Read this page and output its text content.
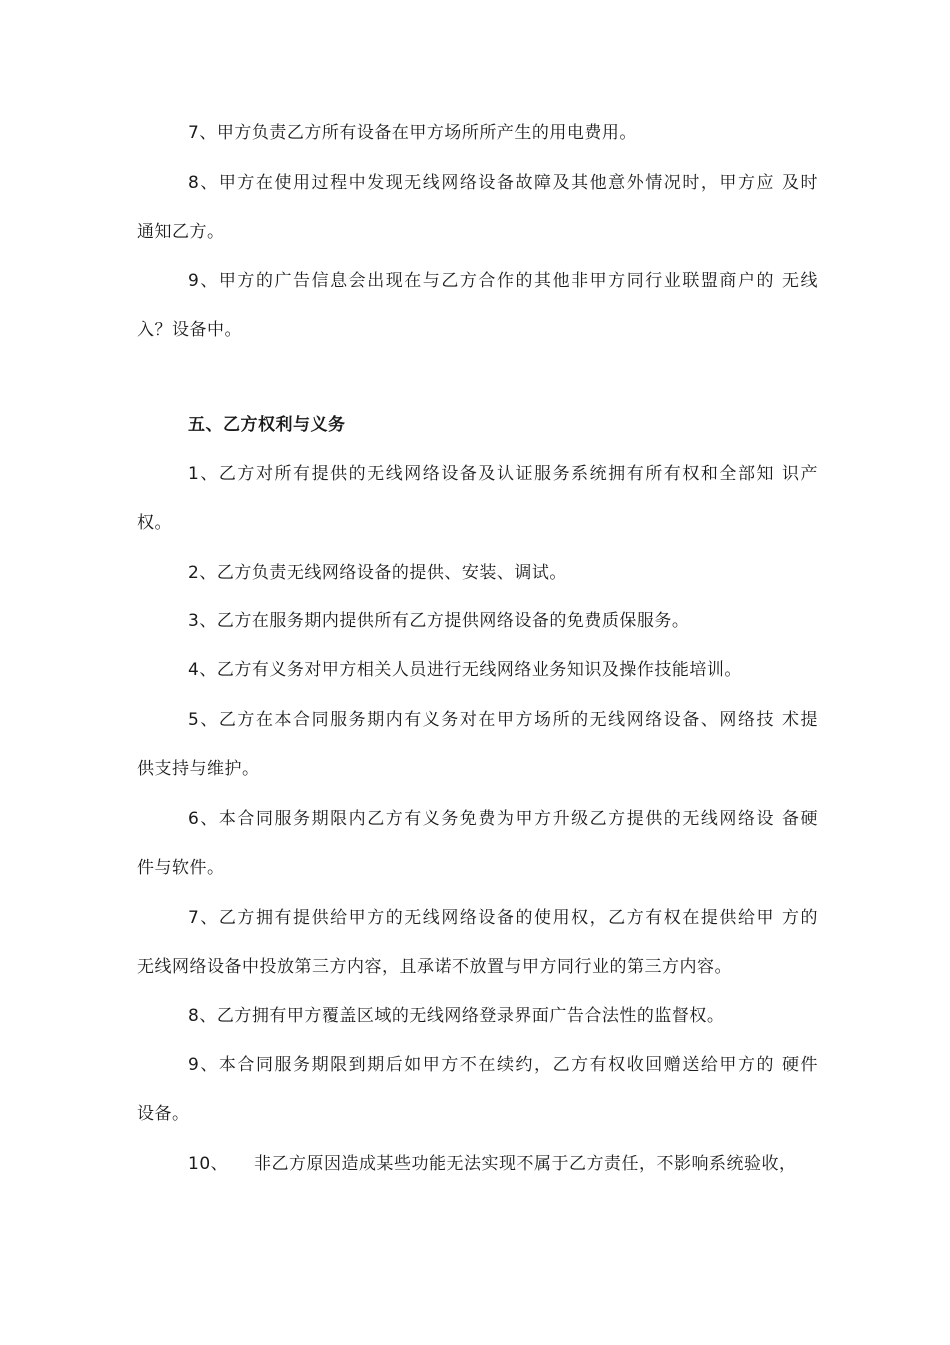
7、甲方负责乙方所有设备在甲方场所所产生的用电费用。
8、甲方在使用过程中发现无线网络设备故障及其他意外情况时，甲方应 及时
通知乙方。
9、甲方的广告信息会出现在与乙方合作的其他非甲方同行业联盟商户的 无线
入？设备中。
五、乙方权利与义务
1、乙方对所有提供的无线网络设备及认证服务系统拥有所有权和全部知 识产
权。
2、乙方负责无线网络设备的提供、安装、调试。
3、乙方在服务期内提供所有乙方提供网络设备的免费质保服务。
4、乙方有义务对甲方相关人员进行无线网络业务知识及操作技能培训。
5、乙方在本合同服务期内有义务对在甲方场所的无线网络设备、网络技 术提
供支持与维护。
6、本合同服务期限内乙方有义务免费为甲方升级乙方提供的无线网络设 备硬
件与软件。
7、乙方拥有提供给甲方的无线网络设备的使用权，乙方有权在提供给甲 方的
无线网络设备中投放第三方内容，且承诺不放置与甲方同行业的第三方内容。
8、乙方拥有甲方覆盖区域的无线网络登录界面广告合法性的监督权。
9、本合同服务期限到期后如甲方不在续约，乙方有权收回赠送给甲方的 硬件
设备。
10、 非乙方原因造成某些功能无法实现不属于乙方责任，不影响系统验收，
